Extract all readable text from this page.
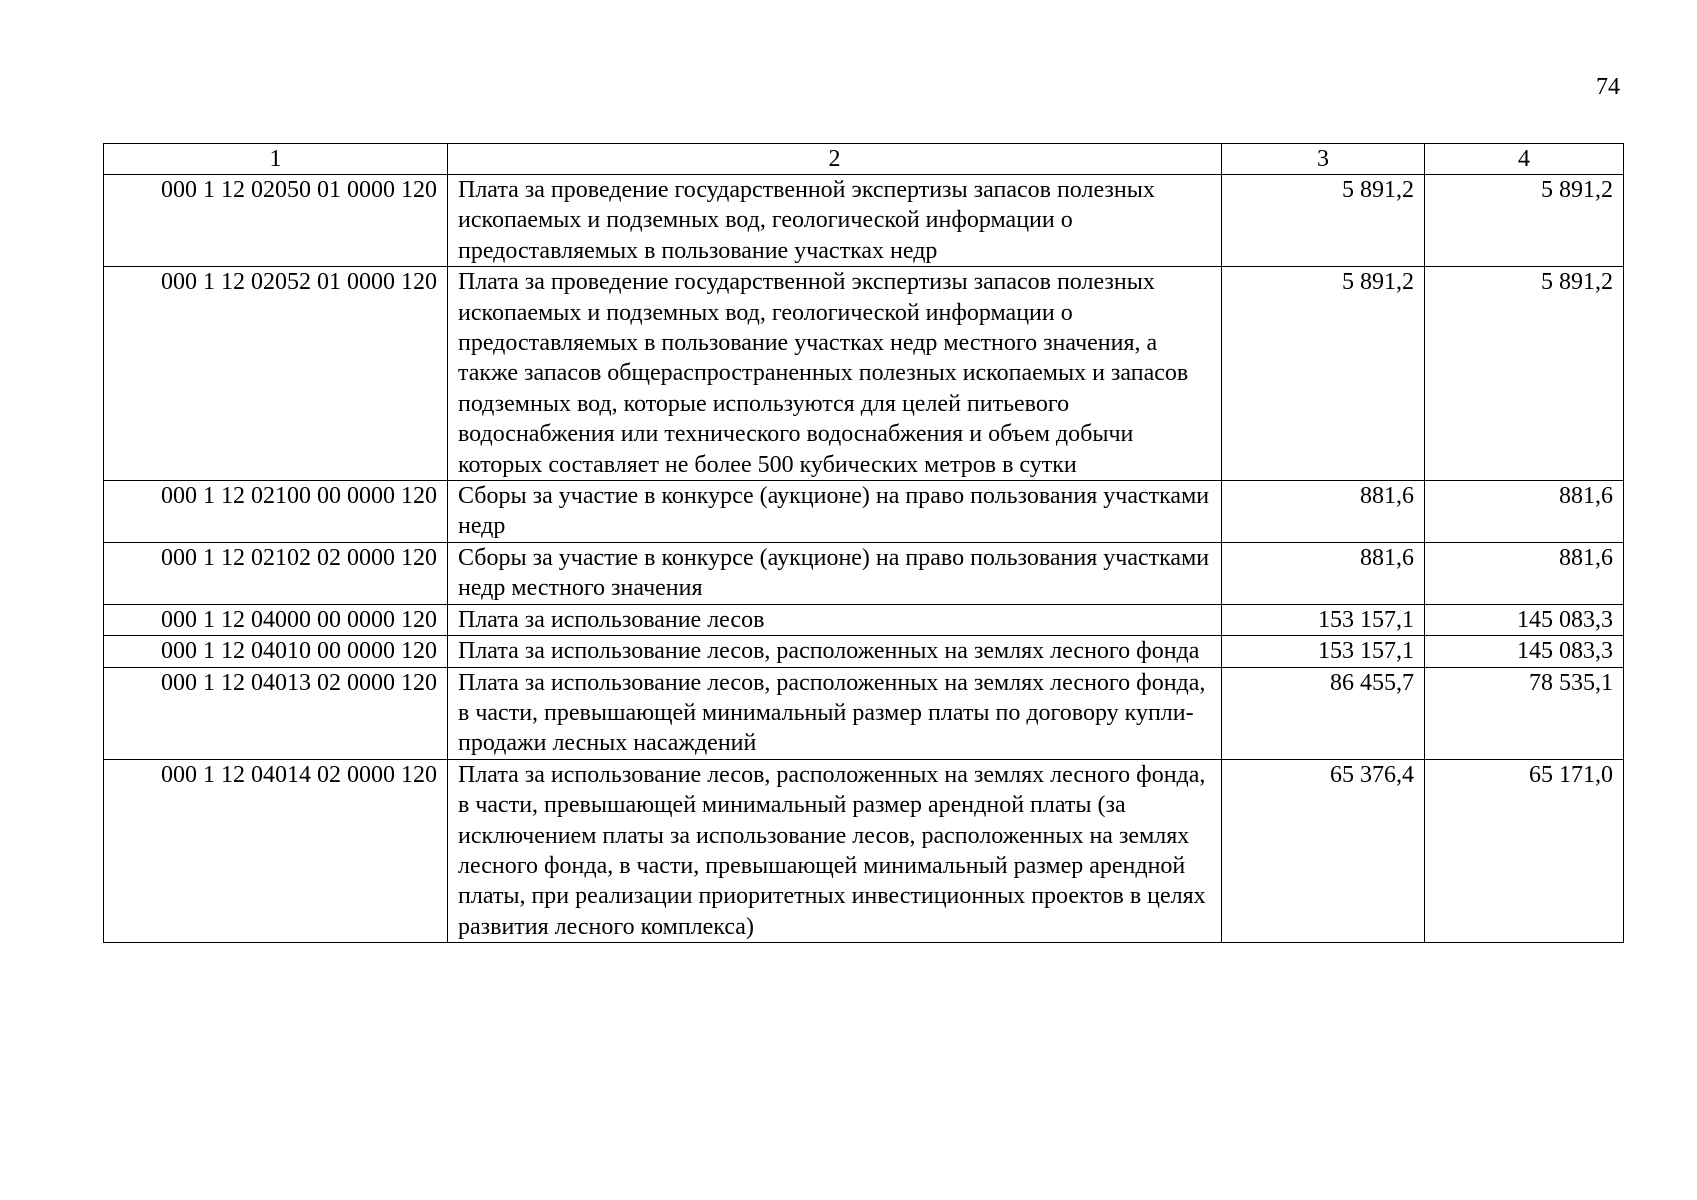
74
1	2	3	4
000 1 12 02050 01 0000 120	Плата за проведение государственной экспертизы запасов полезных ископаемых и подземных вод, геологической информации о предоставляемых в пользование участках недр	5 891,2	5 891,2
000 1 12 02052 01 0000 120	Плата за проведение государственной экспертизы запасов полезных ископаемых и подземных вод, геологической информации о предоставляемых в пользование участках недр местного значения, а также запасов общераспространенных полезных ископаемых и запасов подземных вод, которые используются для целей питьевого водоснабжения или технического водоснабжения и объем добычи которых составляет не более 500 кубических метров в сутки	5 891,2	5 891,2
000 1 12 02100 00 0000 120	Сборы за участие в конкурсе (аукционе) на право пользования участками недр	881,6	881,6
000 1 12 02102 02 0000 120	Сборы за участие в конкурсе (аукционе) на право пользования участками недр местного значения	881,6	881,6
000 1 12 04000 00 0000 120	Плата за использование лесов	153 157,1	145 083,3
000 1 12 04010 00 0000 120	Плата за использование лесов, расположенных на землях лесного фонда	153 157,1	145 083,3
000 1 12 04013 02 0000 120	Плата за использование лесов, расположенных на землях лесного фонда, в части, превышающей минимальный размер платы по договору купли-продажи лесных насаждений	86 455,7	78 535,1
000 1 12 04014 02 0000 120	Плата за использование лесов, расположенных на землях лесного фонда, в части, превышающей минимальный размер арендной платы (за исключением платы за использование лесов, расположенных на землях лесного фонда, в части, превышающей минимальный размер арендной платы, при реализации приоритетных инвестиционных проектов в целях развития лесного комплекса)	65 376,4	65 171,0
